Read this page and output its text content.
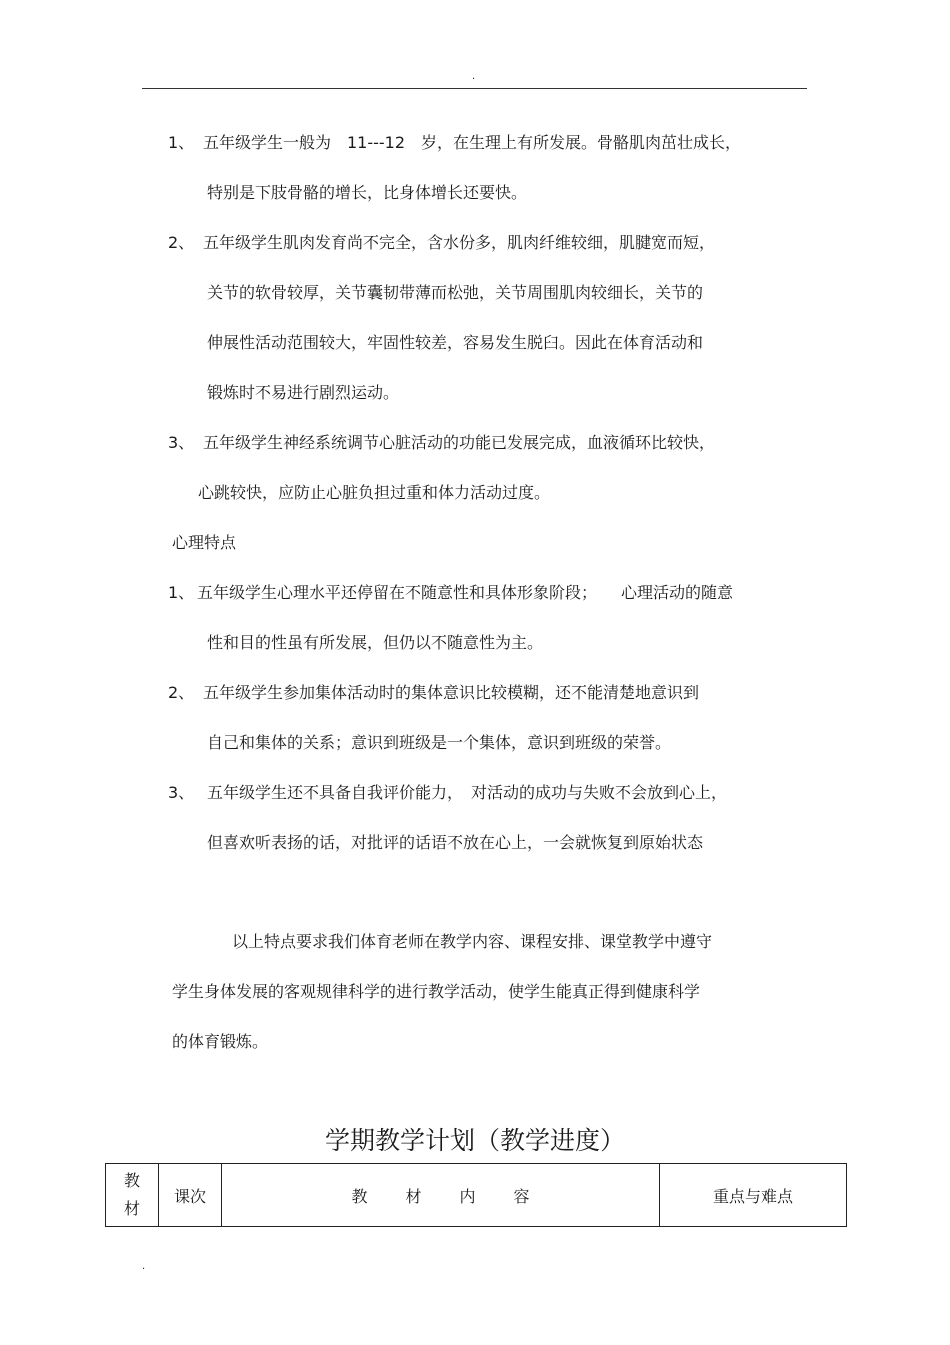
.
1、 五年级学生一般为　11---12　岁，在生理上有所发展。骨骼肌肉茁壮成长，
特别是下肢骨骼的增长，比身体增长还要快。
2、 五年级学生肌肉发育尚不完全，含水份多，肌肉纤维较细，肌腱宽而短，
关节的软骨较厚，关节囊韧带薄而松弛，关节周围肌肉较细长，关节的
伸展性活动范围较大，牢固性较差，容易发生脱臼。因此在体育活动和
锻炼时不易进行剧烈运动。
3、 五年级学生神经系统调节心脏活动的功能已发展完成，血液循环比较快，
心跳较快，应防止心脏负担过重和体力活动过度。
心理特点
1、 五年级学生心理水平还停留在不随意性和具体形象阶段；　　心理活动的随意
性和目的性虽有所发展，但仍以不随意性为主。
2、 五年级学生参加集体活动时的集体意识比较模糊，还不能清楚地意识到
自己和集体的关系；意识到班级是一个集体，意识到班级的荣誉。
3、 五年级学生还不具备自我评价能力，　对活动的成功与失败不会放到心上，
但喜欢听表扬的话，对批评的话语不放在心上，一会就恢复到原始状态
以上特点要求我们体育老师在教学内容、课程安排、课堂教学中遵守
学生身体发展的客观规律科学的进行教学活动，使学生能真正得到健康科学
的体育锻炼。
学期教学计划（教学进度）
教材	课次	教材内容	重点与难点
.
